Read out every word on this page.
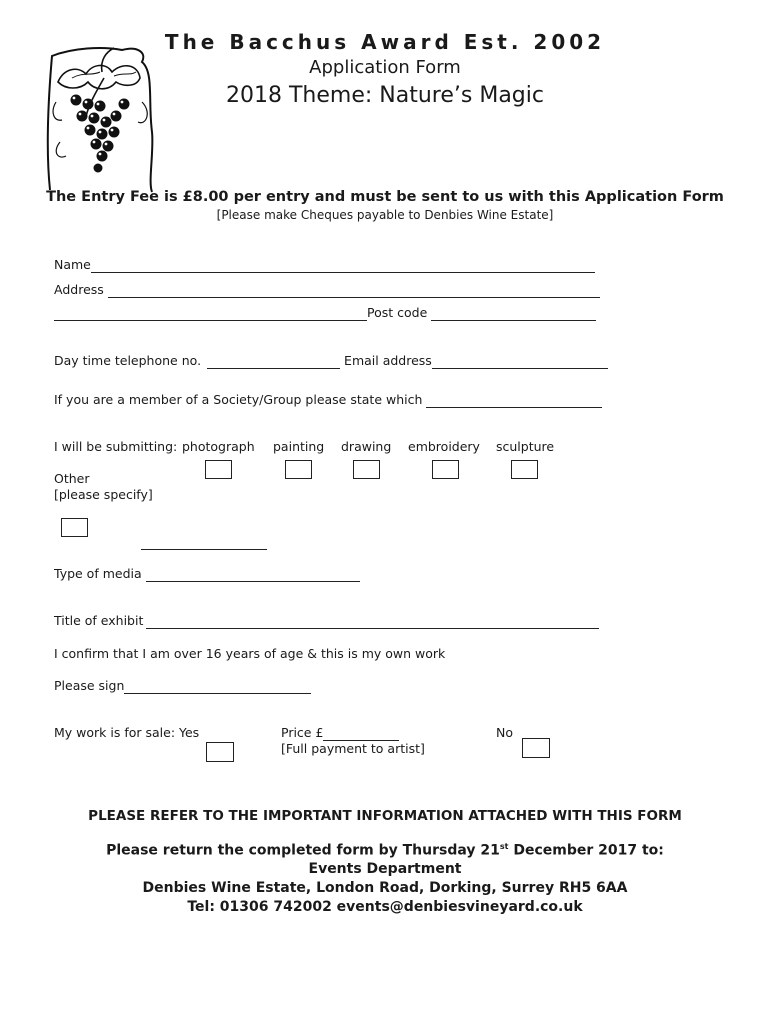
The Bacchus Award Est. 2002
Application Form
2018 Theme: Nature’s Magic
The Entry Fee is £8.00 per entry and must be sent to us with this Application Form
[Please make Cheques payable to Denbies Wine Estate]
Name
Address
Post code
Day time telephone no.	Email address
If you are a member of a Society/Group please state which
I will be submitting: photograph painting drawing embroidery sculpture
Other
[please specify]
Type of media
Title of exhibit
I confirm that I am over 16 years of age & this is my own work
Please sign
My work is for sale: Yes	Price £
[Full payment to artist]
No
PLEASE REFER TO THE IMPORTANT INFORMATION ATTACHED WITH THIS FORM
Please return the completed form by Thursday 21st December 2017 to:
Events Department
Denbies Wine Estate, London Road, Dorking, Surrey RH5 6AA
Tel: 01306 742002 events@denbiesvineyard.co.uk
